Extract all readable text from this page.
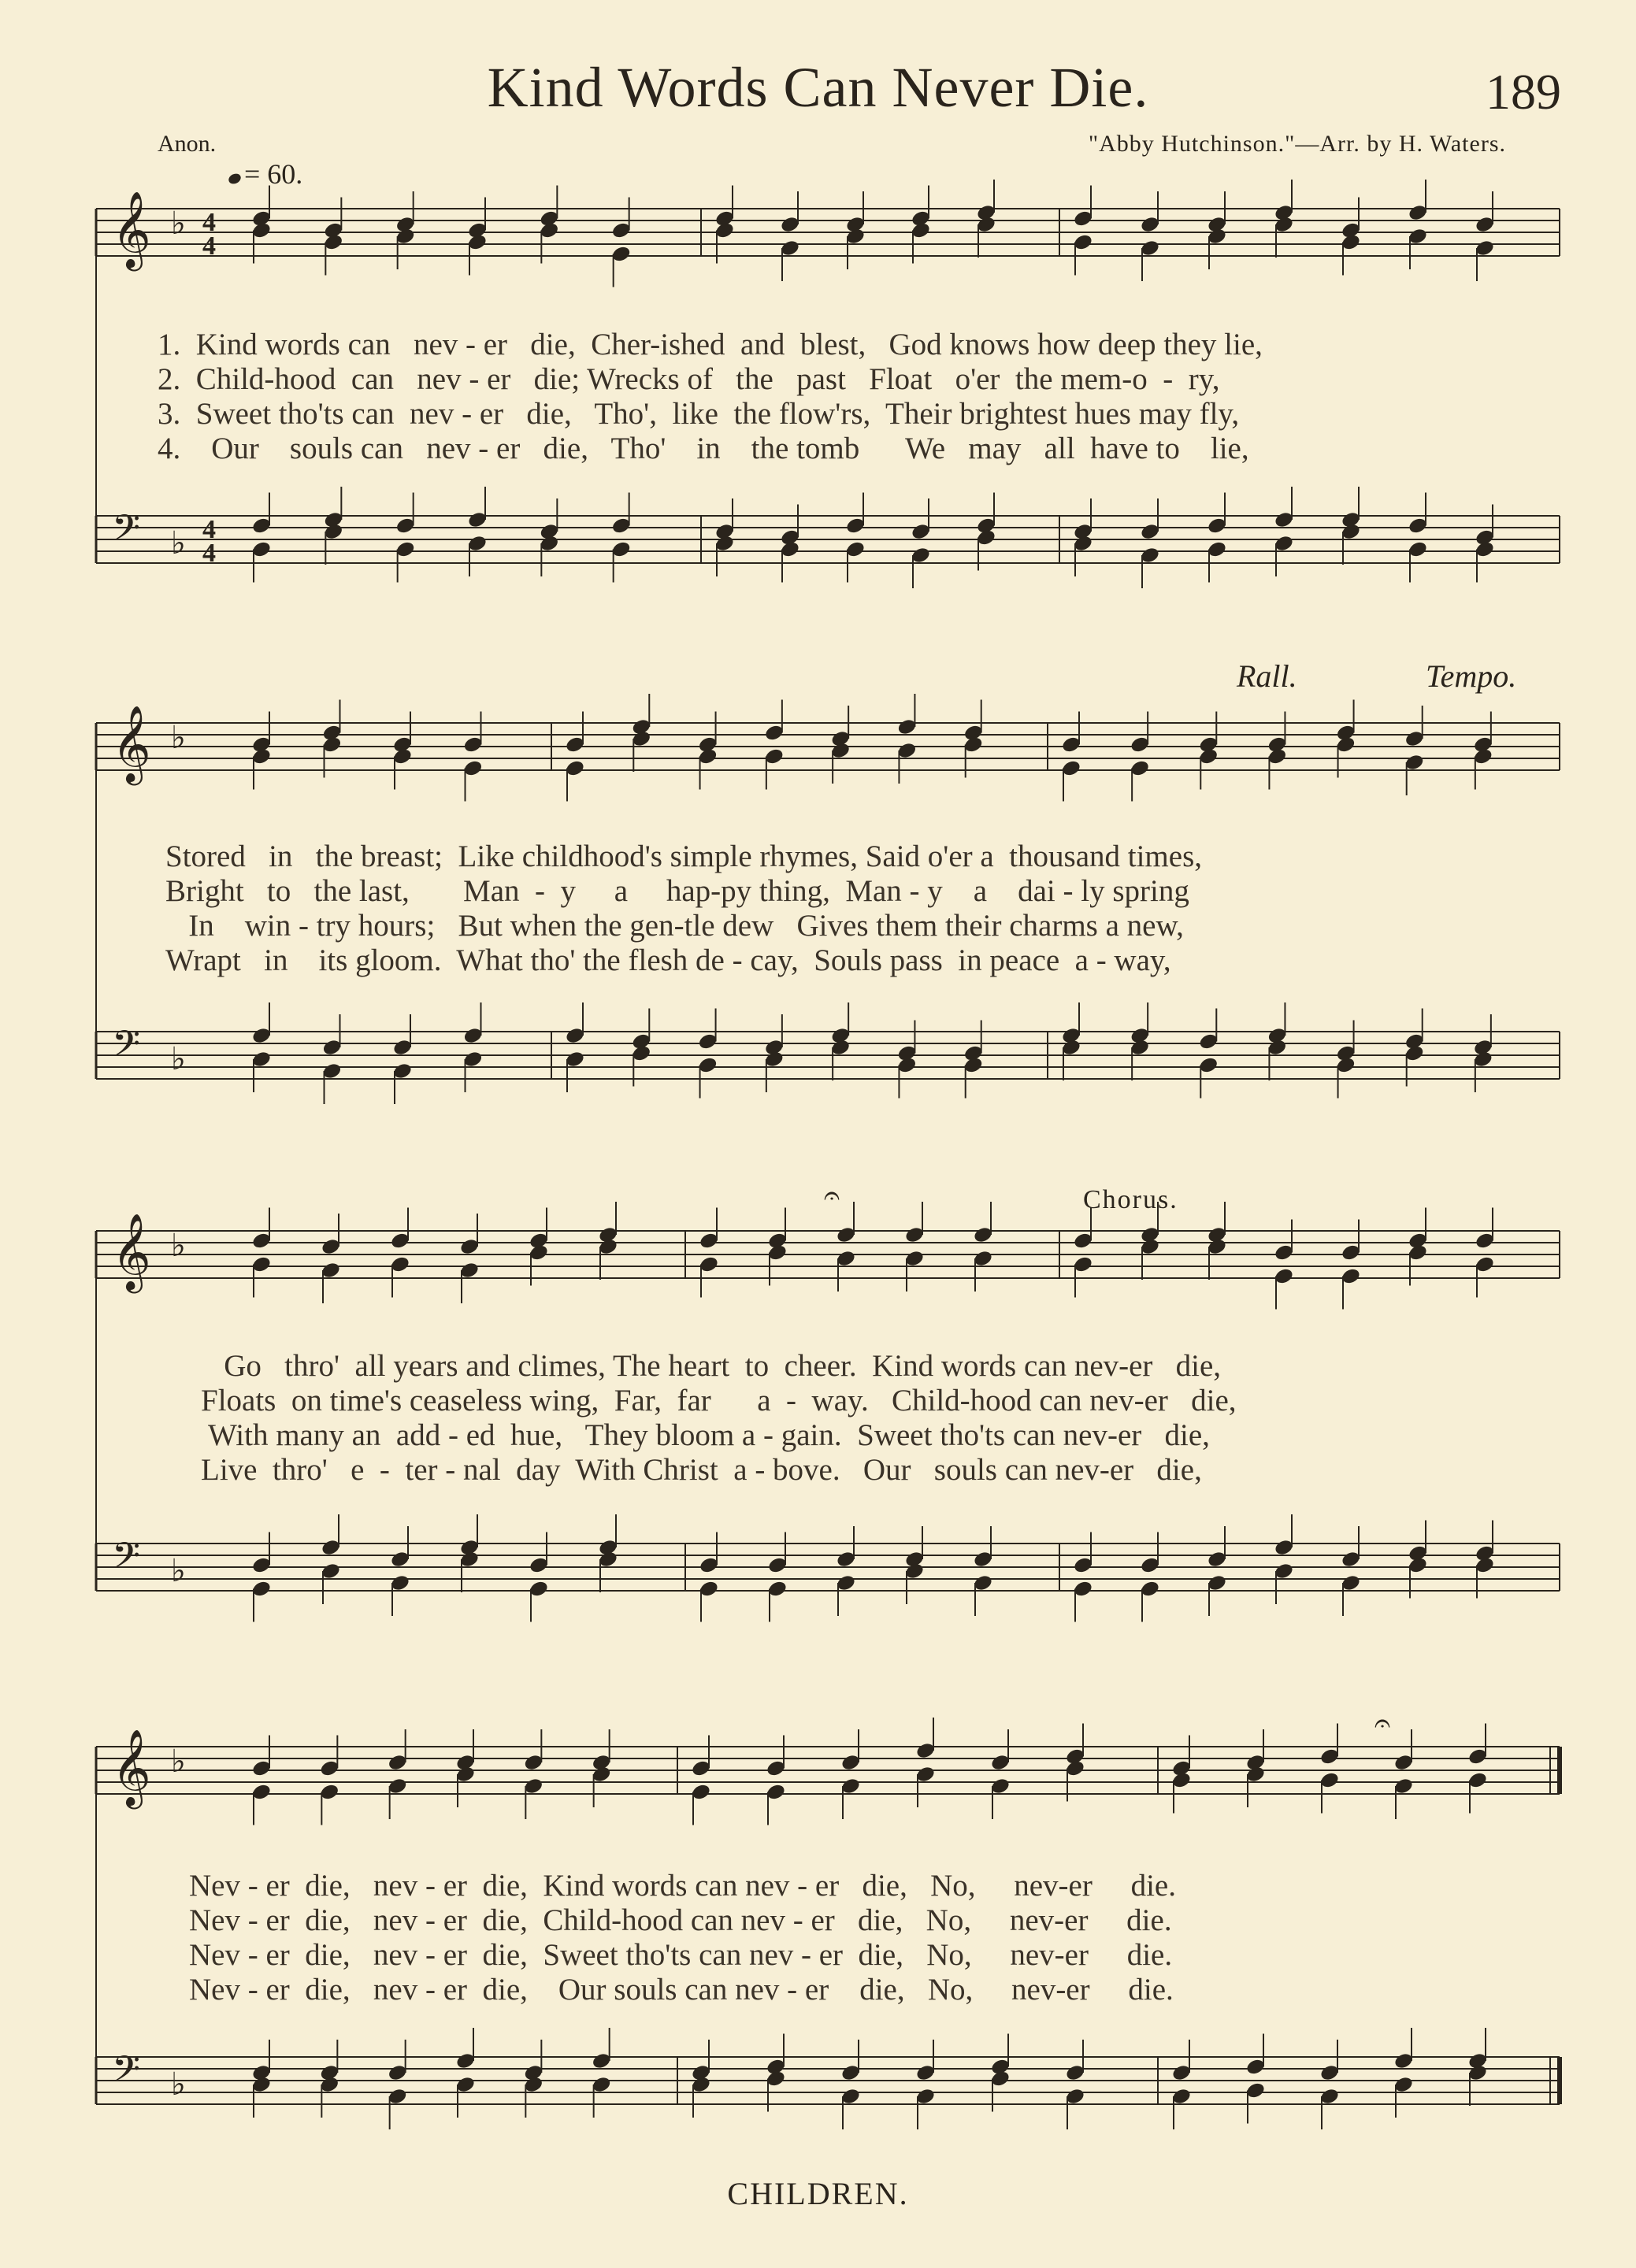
Kind Words Can Never Die.	189
Anon.	"Abby Hutchinson."—Arr. by H. Waters.
= 60.
Rall.	Tempo.
Chorus.
𝄞 ♭ 4
4
𝄢 ♭ 4
4
𝄞 ♭
𝄢 ♭
𝄞 ♭
𝄢 ♭
𝄞 ♭
𝄢 ♭
𝄐
𝄐
1.  Kind words can   nev - er   die,  Cher-ished  and  blest,   God knows how deep they lie,
2.  Child-hood  can   nev - er   die; Wrecks of   the   past   Float   o'er  the mem-o  -  ry,
3.  Sweet tho'ts can  nev - er   die,   Tho',  like  the flow'rs,  Their brightest hues may fly,
4.    Our    souls can   nev - er   die,   Tho'    in    the tomb      We   may   all  have to    lie,
Stored   in   the breast;  Like childhood's simple rhymes, Said o'er a  thousand times,
Bright   to   the last,       Man  -  y     a     hap-py thing,  Man - y    a    dai - ly spring
In    win - try hours;   But when the gen-tle dew   Gives them their charms a new,
Wrapt   in    its gloom.  What tho' the flesh de - cay,  Souls pass  in peace  a - way,
Go   thro'  all years and climes, The heart  to  cheer.  Kind words can nev-er   die,
Floats  on time's ceaseless wing,  Far,  far      a  -  way.   Child-hood can nev-er   die,
With many an  add - ed  hue,   They bloom a - gain.  Sweet tho'ts can nev-er   die,
Live  thro'   e  -  ter - nal  day  With Christ  a - bove.   Our   souls can nev-er   die,
Nev - er  die,   nev - er  die,  Kind words can nev - er   die,   No,     nev-er     die.
Nev - er  die,   nev - er  die,  Child-hood can nev - er   die,   No,     nev-er     die.
Nev - er  die,   nev - er  die,  Sweet tho'ts can nev - er  die,   No,     nev-er     die.
Nev - er  die,   nev - er  die,    Our souls can nev - er    die,   No,     nev-er     die.
CHILDREN.
